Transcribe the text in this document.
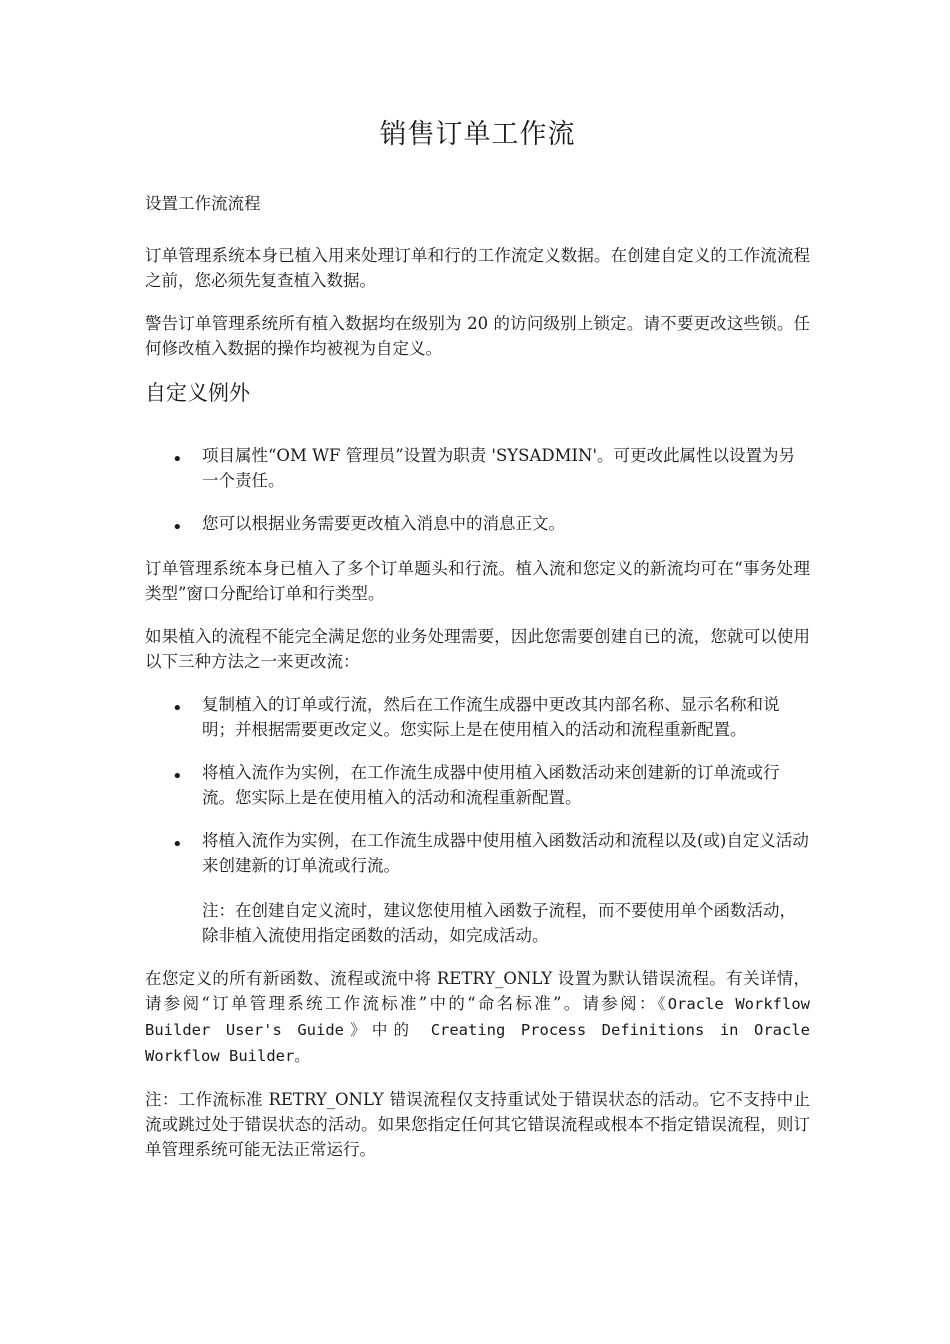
销售订单工作流
设置工作流流程

订单管理系统本身已植入用来处理订单和行的工作流定义数据。在创建自定义的工作流流程之前，您必须先复查植入数据。

警告订单管理系统所有植入数据均在级别为 20 的访问级别上锁定。请不要更改这些锁。任何修改植入数据的操作均被视为自定义。

自定义例外
• 项目属性“OM WF 管理员”设置为职责 'SYSADMIN'。可更改此属性以设置为另一个责任。
• 您可以根据业务需要更改植入消息中的消息正文。

订单管理系统本身已植入了多个订单题头和行流。植入流和您定义的新流均可在“事务处理类型”窗口分配给订单和行类型。

如果植入的流程不能完全满足您的业务处理需要，因此您需要创建自已的流，您就可以使用以下三种方法之一来更改流：

• 复制植入的订单或行流，然后在工作流生成器中更改其内部名称、显示名称和说明；并根据需要更改定义。您实际上是在使用植入的活动和流程重新配置。
• 将植入流作为实例，在工作流生成器中使用植入函数活动来创建新的订单流或行流。您实际上是在使用植入的活动和流程重新配置。
• 将植入流作为实例，在工作流生成器中使用植入函数活动和流程以及(或)自定义活动来创建新的订单流或行流。

注：在创建自定义流时，建议您使用植入函数子流程，而不要使用单个函数活动，除非植入流使用指定函数的活动，如完成活动。

在您定义的所有新函数、流程或流中将 RETRY_ONLY 设置为默认错误流程。有关详情，请参阅“订单管理系统工作流标准”中的“命名标准”。请参阅：《Oracle Workflow Builder User's Guide》中的 Creating Process Definitions in Oracle Workflow Builder。

注：工作流标准 RETRY_ONLY 错误流程仅支持重试处于错误状态的活动。它不支持中止流或跳过处于错误状态的活动。如果您指定任何其它错误流程或根本不指定错误流程，则订单管理系统可能无法正常运行。
